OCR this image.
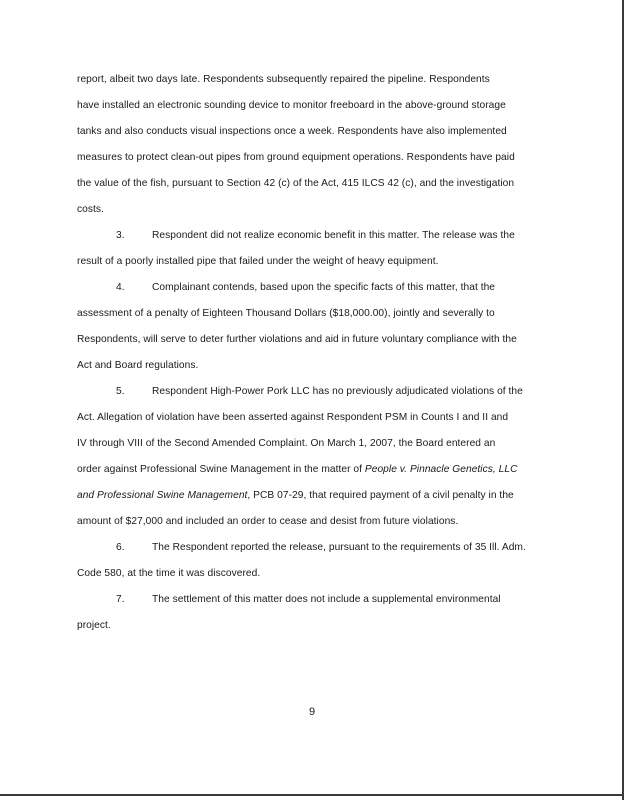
report, albeit two days late. Respondents subsequently repaired the pipeline. Respondents
have installed an electronic sounding device to monitor freeboard in the above-ground storage
tanks and also conducts visual inspections once a week. Respondents have also implemented
measures to protect clean-out pipes from ground equipment operations. Respondents have paid
the value of the fish, pursuant to Section 42 (c) of the Act, 415 ILCS 42 (c), and the investigation
costs.
3.	Respondent did not realize economic benefit in this matter. The release was the
result of a poorly installed pipe that failed under the weight of heavy equipment.
4.	Complainant contends, based upon the specific facts of this matter, that the
assessment of a penalty of Eighteen Thousand Dollars ($18,000.00), jointly and severally to
Respondents, will serve to deter further violations and aid in future voluntary compliance with the
Act and Board regulations.
5.	Respondent High-Power Pork LLC has no previously adjudicated violations of the
Act. Allegation of violation have been asserted against Respondent PSM in Counts I and II and
IV through VIII of the Second Amended Complaint. On March 1, 2007, the Board entered an
order against Professional Swine Management in the matter of People v. Pinnacle Genetics, LLC
and Professional Swine Management, PCB 07-29, that required payment of a civil penalty in the
amount of $27,000 and included an order to cease and desist from future violations.
6.	The Respondent reported the release, pursuant to the requirements of 35 Ill. Adm.
Code 580, at the time it was discovered.
7.	The settlement of this matter does not include a supplemental environmental
project.
9
